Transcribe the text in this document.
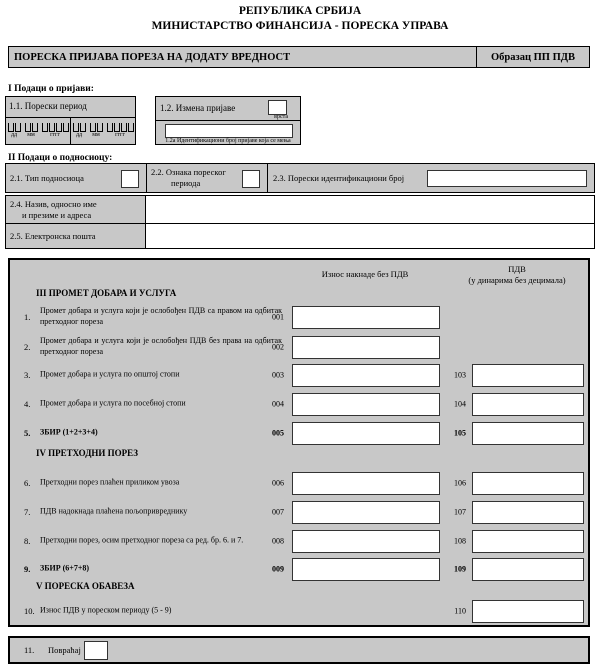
РЕПУБЛИКА СРБИЈА
МИНИСТАРСТВО ФИНАНСИЈА - ПОРЕСКА УПРАВА
ПОРЕСКА ПРИЈАВА ПОРЕЗА НА ДОДАТУ ВРЕДНОСТ	Образац ПП ПДВ
I Подаци о пријави:
1.1. Порески период
дд мм	гггг	дд мм	гггг
1.2. Измена пријаве
врста
1.2а Идентификациони број пријаве која се мења
II Подаци о подносиоцу:
2.1. Тип подносиоца
2.2. Ознака пореског
периода	2.3. Порески идентификациони број
2.4. Назив, односно име
и презиме и адреса
2.5. Електронска пошта
Износ накнаде без ПДВ	ПДВ
(у динарима без децимала)
III ПРОМЕТ ДОБАРА И УСЛУГА
IV ПРЕТХОДНИ ПОРЕЗ
V ПОРЕСКА ОБАВЕЗА
1.
Промет добара и услуга који је ослобођен ПДВ са правом на одбитак претходног пореза	001
2.
Промет добара и услуга који је ослобођен ПДВ без права на одбитак претходног пореза	002
3. Промет добара и услуга по општој стопи	003	103
4. Промет добара и услуга по посебној стопи	004	104
5. ЗБИР (1+2+3+4)	005	105
6. Претходни порез плаћен приликом увоза	006	106
7. ПДВ надокнада плаћена пољопривреднику	007	107
8. Претходни порез, осим претходног пореза са ред. бр. 6. и 7.	008	108
9. ЗБИР (6+7+8)	009	109
10. Износ ПДВ у пореском периоду (5 - 9)	110
11. Повраћај
